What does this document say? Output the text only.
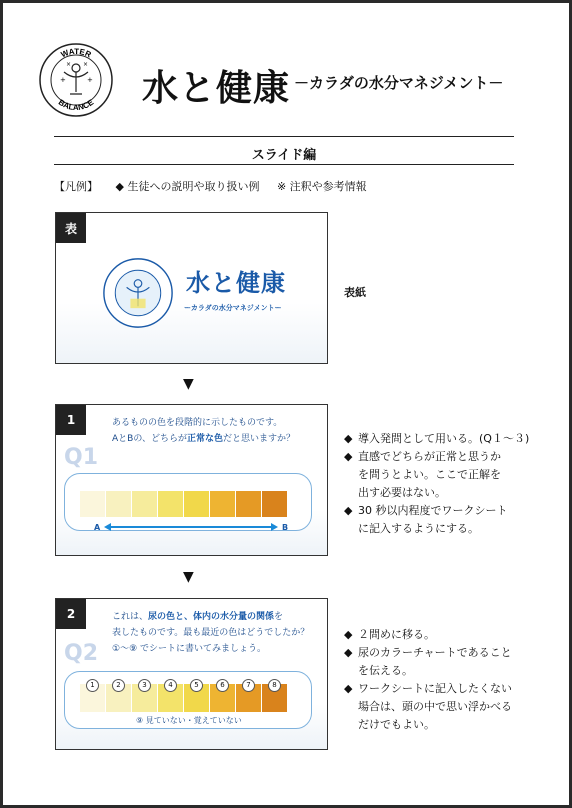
WATER
BALANCE
+	+
× ×
水と健康 －カラダの水分マネジメント－
スライド編
【凡例】 ◆ 生徒への説明や取り扱い例 ※ 注釈や参考情報
表
水と健康
ーカラダの水分マネジメントー
表紙
▼
1
Q1
あるものの色を段階的に示したものです。
AとBの、どちらが正常な色だと思いますか？
A	B
◆ 導入発問として用いる。(Q１～３)
◆ 直感でどちらが正常と思うかを問うとよい。ここで正解を出す必要はない。
◆ 30 秒以内程度でワークシートに記入するようにする。
▼
2
Q2
これは、尿の色と、体内の水分量の関係を
表したものです。最も最近の色はどうでしたか？
①～⑨ でシートに書いてみましょう。
1	2	3	4	5	6	7	8
⑨ 見ていない・覚えていない
◆ ２問めに移る。
◆ 尿のカラーチャートであることを伝える。
◆ ワークシートに記入したくない場合は、頭の中で思い浮かべるだけでもよい。
